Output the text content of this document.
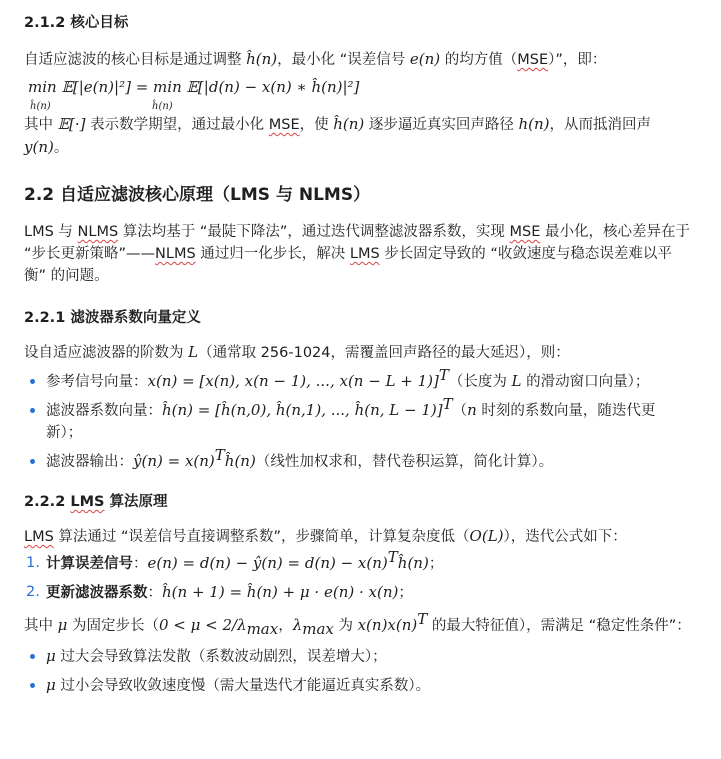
2.1.2 核心目标

自适应滤波的核心目标是通过调整 ĥ(n)，最小化 “误差信号 e(n) 的均方值（MSE）”，即：

min 𝔼[|e(n)|²] = min 𝔼[|d(n) − x(n) ∗ ĥ(n)|²]
ĥ(n)	ĥ(n)

其中 𝔼[·] 表示数学期望，通过最小化 MSE，使 ĥ(n) 逐步逼近真实回声路径 h(n)，从而抵消回声
y(n)。

2.2 自适应滤波核心原理（LMS 与 NLMS）

LMS 与 NLMS 算法均基于 “最陡下降法”，通过迭代调整滤波器系数，实现 MSE 最小化，核心差异在于 “步长更新策略”——NLMS 通过归一化步长，解决 LMS 步长固定导致的 “收敛速度与稳态误差难以平衡” 的问题。

2.2.1 滤波器系数向量定义

设自适应滤波器的阶数为 L（通常取 256-1024，需覆盖回声路径的最大延迟），则：

参考信号向量：x(n) = [x(n), x(n − 1), ..., x(n − L + 1)]$^T$（长度为 L 的滑动窗口向量）；
滤波器系数向量：ĥ(n) = [ĥ(n,0), ĥ(n,1), ..., ĥ(n, L − 1)]$^T$（n 时刻的系数向量，随迭代更新）；
滤波器输出：ŷ(n) = $x(n)^Tĥ(n)$（线性加权求和，替代卷积运算，简化计算）。
2.2.2 LMS 算法原理

LMS 算法通过 “误差信号直接调整系数”，步骤简单，计算复杂度低（O(L)），迭代公式如下：

1. 计算误差信号：e(n) = d(n) − ŷ(n) = $d(n) - x(n)^Tĥ(n)$；
2. 更新滤波器系数：ĥ(n + 1) = ĥ(n) + μ · e(n) · x(n)；

其中 μ 为固定步长（$0 < \mu < 2/\lambda_{max}$，$\lambda_{max}$ 为 $x(n)x(n)^T$ 的最大特征值），需满足 “稳定性条件”：

μ 过大会导致算法发散（系数波动剧烈，误差增大）；
μ 过小会导致收敛速度慢（需大量迭代才能逼近真实系数）。
